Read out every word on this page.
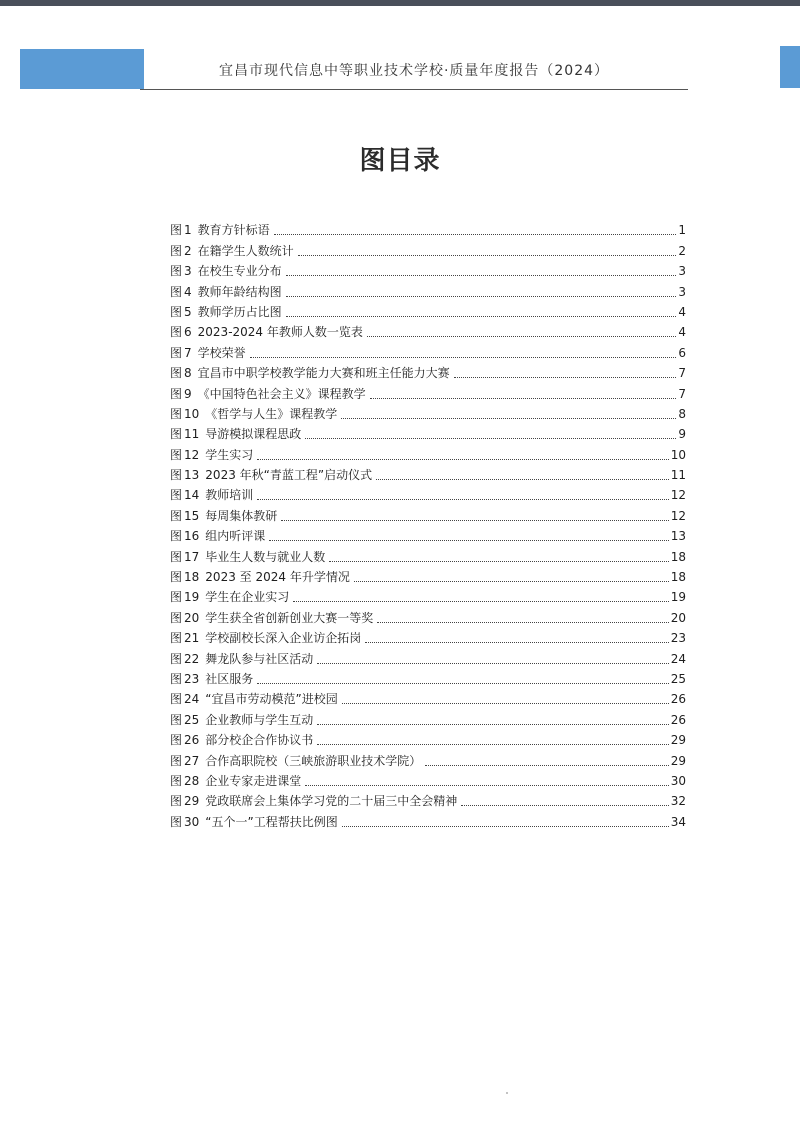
宜昌市现代信息中等职业技术学校·质量年度报告（2024）
图目录
图 1 教育方针标语	1
图 2 在籍学生人数统计	2
图 3 在校生专业分布	3
图 4 教师年龄结构图	3
图 5 教师学历占比图	4
图 6 2023-2024 年教师人数一览表	4
图 7 学校荣誉	6
图 8 宜昌市中职学校教学能力大赛和班主任能力大赛	7
图 9 《中国特色社会主义》课程教学	7
图 10 《哲学与人生》课程教学	8
图 11 导游模拟课程思政	9
图 12 学生实习	10
图 13 2023 年秋“青蓝工程”启动仪式	11
图 14 教师培训	12
图 15 每周集体教研	12
图 16 组内听评课	13
图 17 毕业生人数与就业人数	18
图 18 2023 至 2024 年升学情况	18
图 19 学生在企业实习	19
图 20 学生获全省创新创业大赛一等奖	20
图 21 学校副校长深入企业访企拓岗	23
图 22 舞龙队参与社区活动	24
图 23 社区服务	25
图 24 “宜昌市劳动模范”进校园	26
图 25 企业教师与学生互动	26
图 26 部分校企合作协议书	29
图 27 合作高职院校（三峡旅游职业技术学院）	29
图 28 企业专家走进课堂	30
图 29 党政联席会上集体学习党的二十届三中全会精神	32
图 30 “五个一”工程帮扶比例图	34
